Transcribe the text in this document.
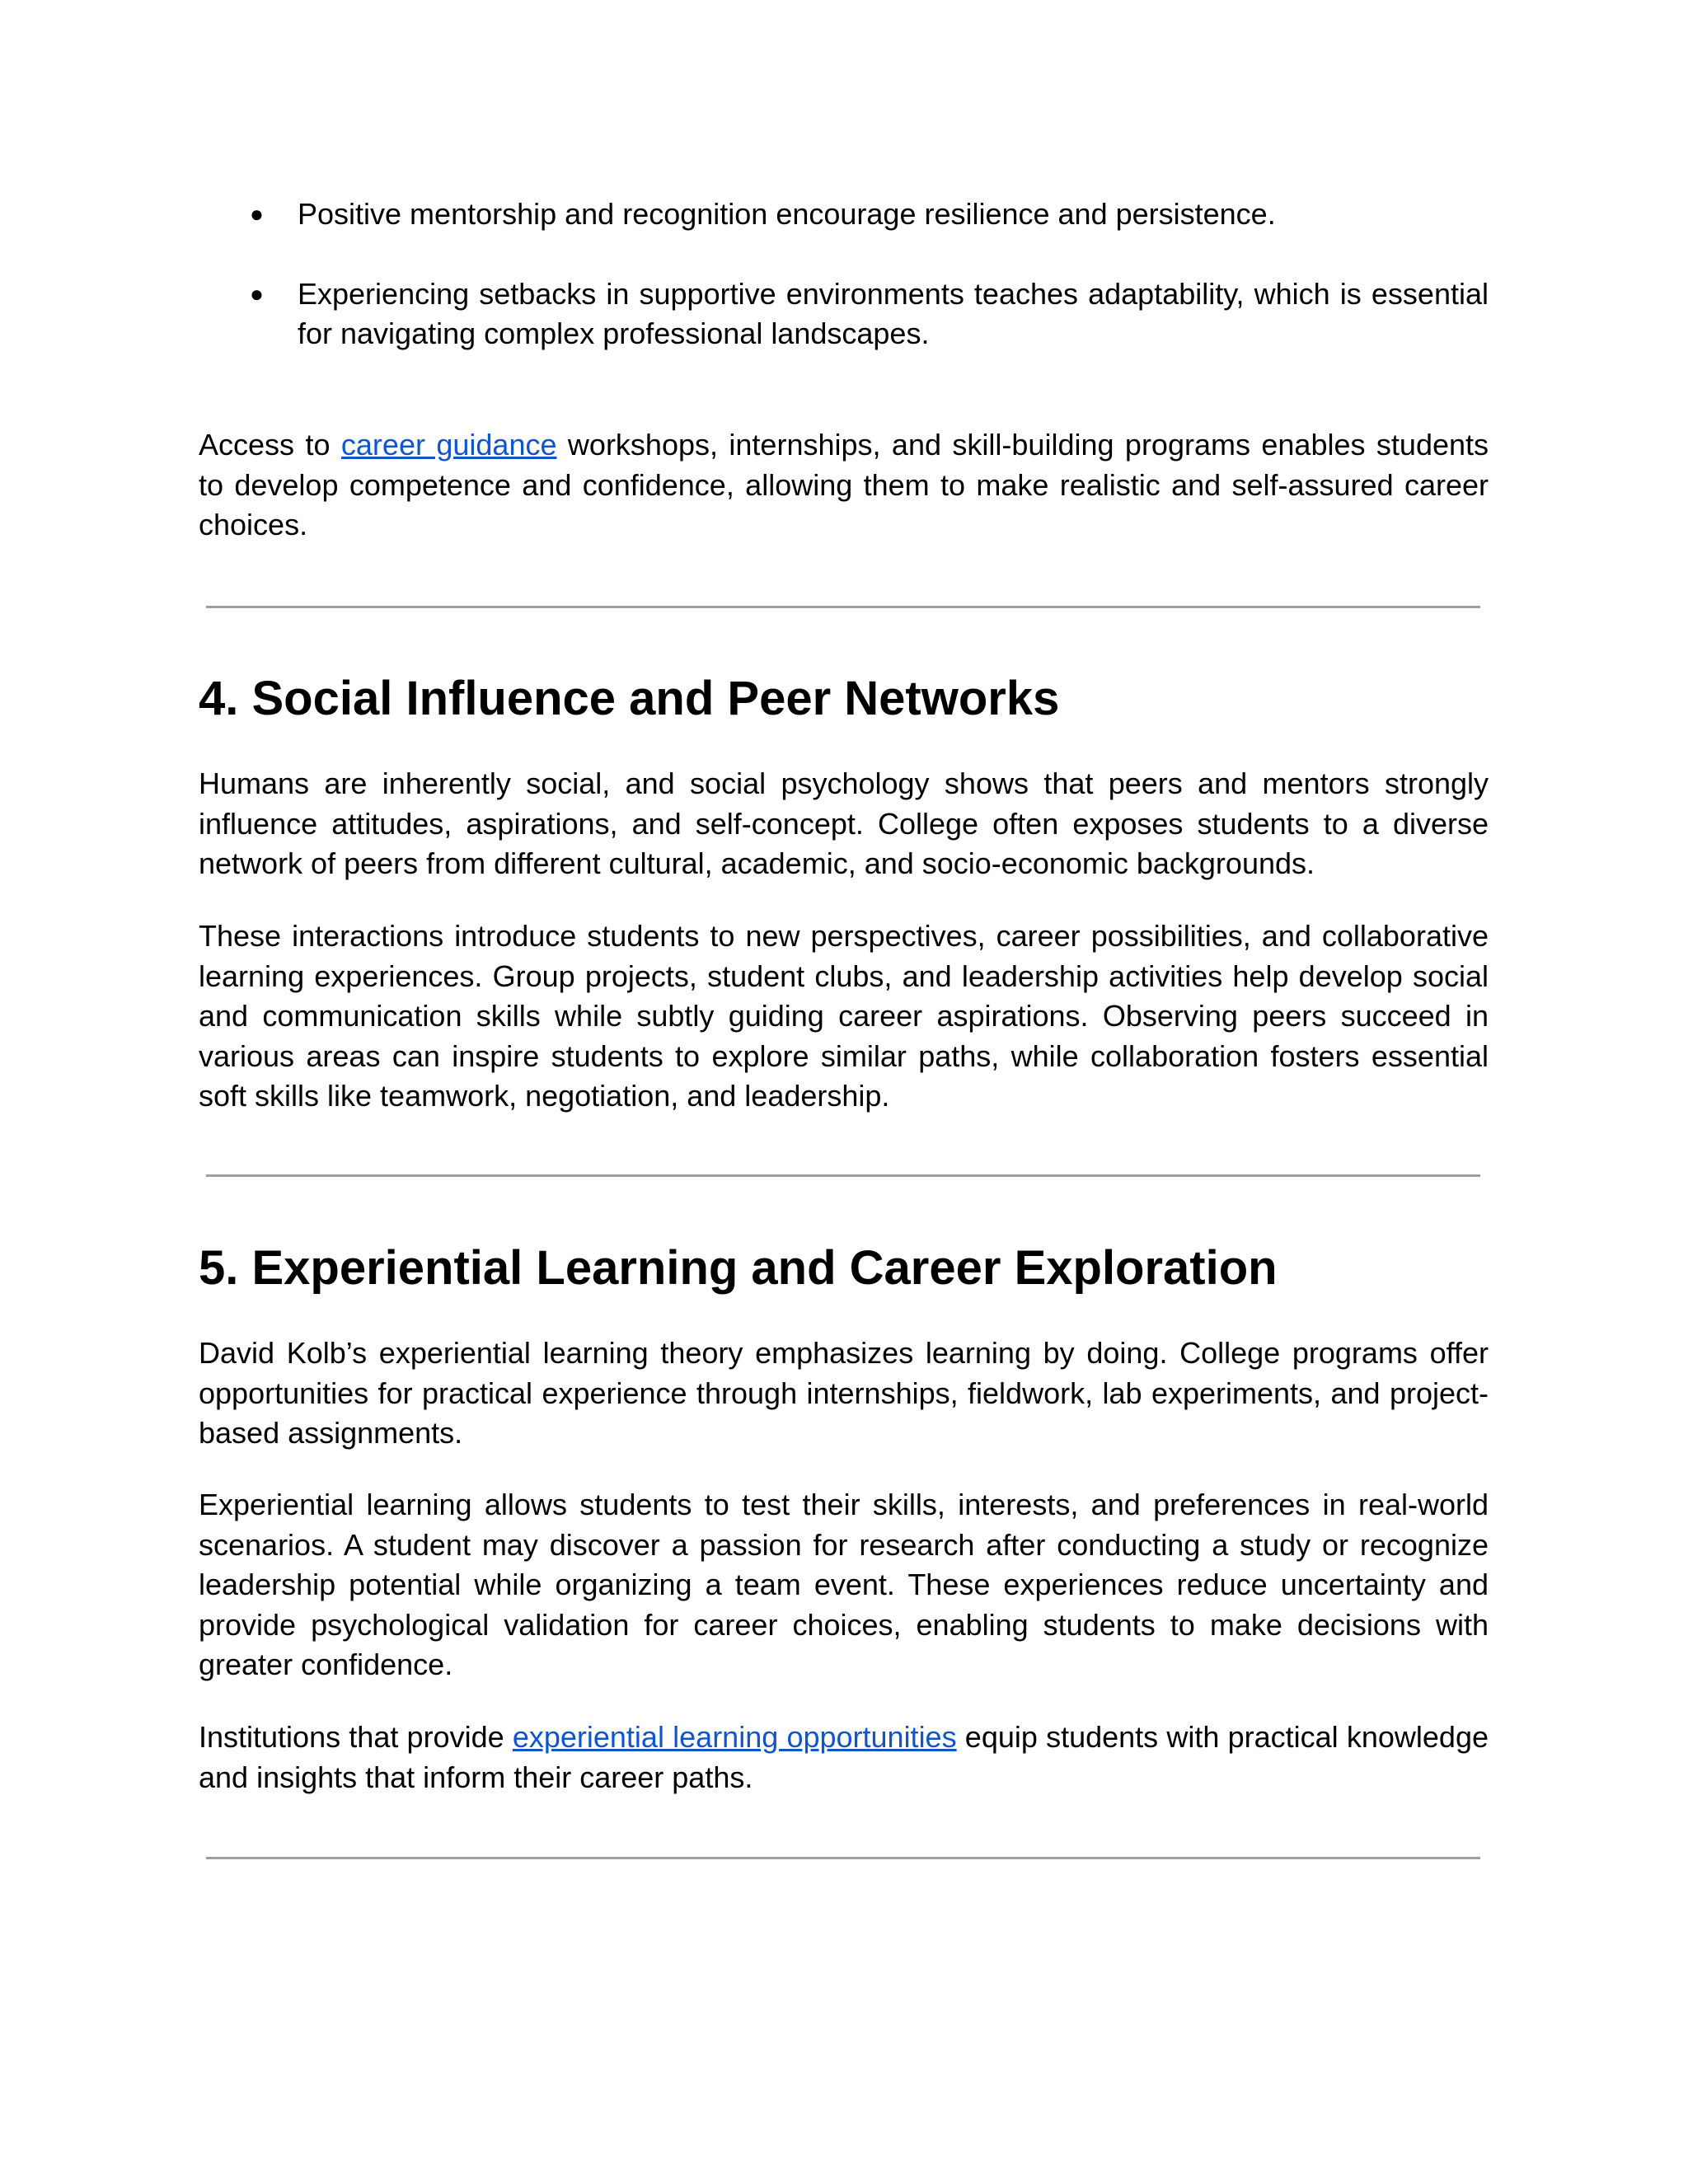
● Positive mentorship and recognition encourage resilience and persistence.
● Experiencing setbacks in supportive environments teaches adaptability, which is essential for navigating complex professional landscapes.

Access to career guidance workshops, internships, and skill-building programs enables students to develop competence and confidence, allowing them to make realistic and self-assured career choices.

4. Social Influence and Peer Networks

Humans are inherently social, and social psychology shows that peers and mentors strongly influence attitudes, aspirations, and self-concept. College often exposes students to a diverse network of peers from different cultural, academic, and socio-economic backgrounds.

These interactions introduce students to new perspectives, career possibilities, and collaborative learning experiences. Group projects, student clubs, and leadership activities help develop social and communication skills while subtly guiding career aspirations. Observing peers succeed in various areas can inspire students to explore similar paths, while collaboration fosters essential soft skills like teamwork, negotiation, and leadership.

5. Experiential Learning and Career Exploration

David Kolb’s experiential learning theory emphasizes learning by doing. College programs offer opportunities for practical experience through internships, fieldwork, lab experiments, and project-based assignments.

Experiential learning allows students to test their skills, interests, and preferences in real-world scenarios. A student may discover a passion for research after conducting a study or recognize leadership potential while organizing a team event. These experiences reduce uncertainty and provide psychological validation for career choices, enabling students to make decisions with greater confidence.

Institutions that provide experiential learning opportunities equip students with practical knowledge and insights that inform their career paths.
